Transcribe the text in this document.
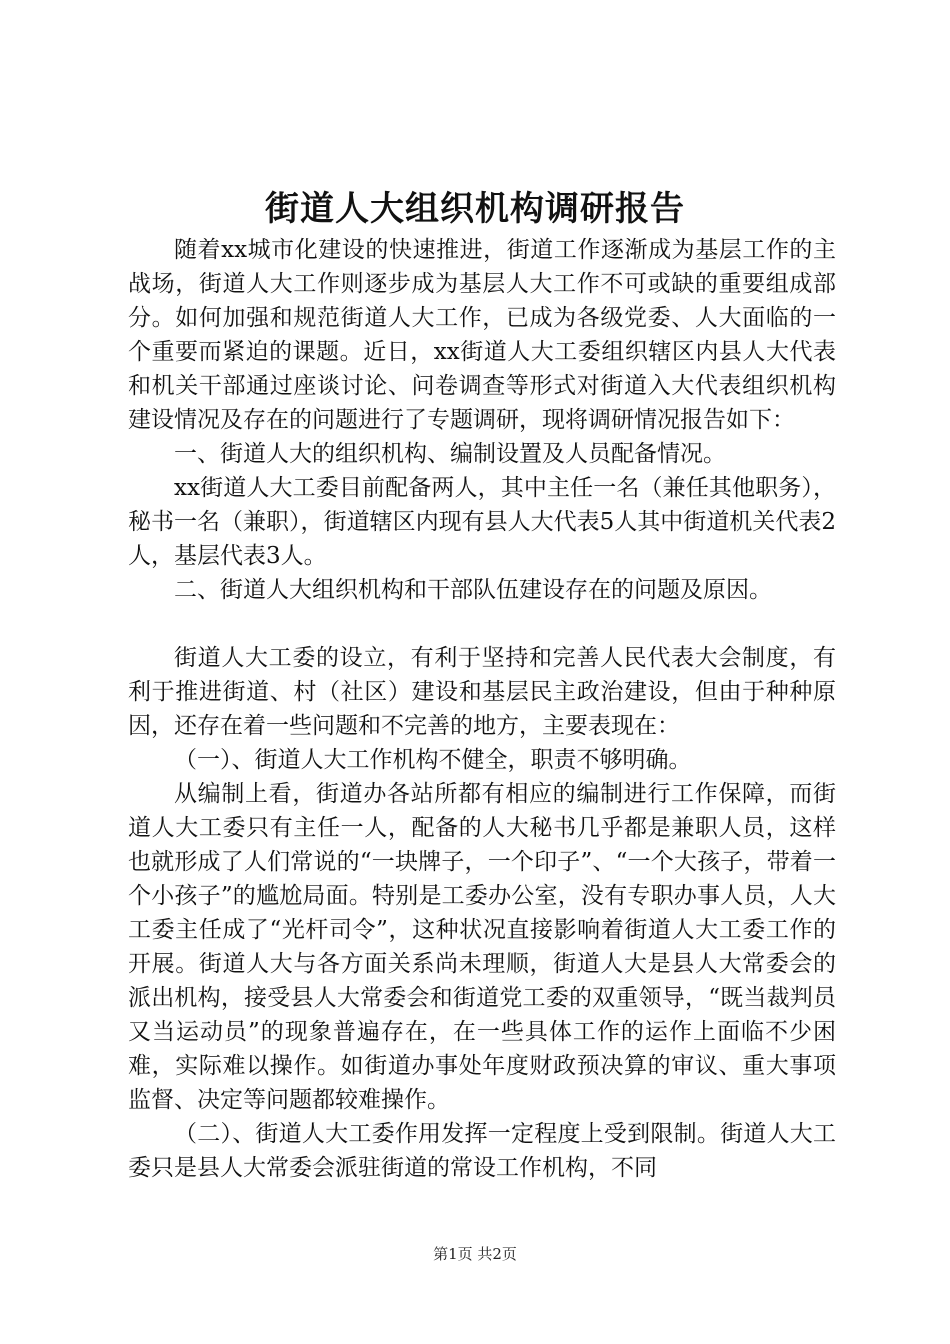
街道人大组织机构调研报告

随着xx城市化建设的快速推进，街道工作逐渐成为基层工作的主战场，街道人大工作则逐步成为基层人大工作不可或缺的重要组成部分。如何加强和规范街道人大工作，已成为各级党委、人大面临的一个重要而紧迫的课题。近日，xx街道人大工委组织辖区内县人大代表和机关干部通过座谈讨论、问卷调查等形式对街道入大代表组织机构建设情况及存在的问题进行了专题调研，现将调研情况报告如下：

一、街道人大的组织机构、编制设置及人员配备情况。

xx街道人大工委目前配备两人，其中主任一名（兼任其他职务），秘书一名（兼职），街道辖区内现有县人大代表5人其中街道机关代表2人，基层代表3人。

二、街道人大组织机构和干部队伍建设存在的问题及原因。

街道人大工委的设立，有利于坚持和完善人民代表大会制度，有利于推进街道、村（社区）建设和基层民主政治建设，但由于种种原因，还存在着一些问题和不完善的地方，主要表现在：

（一）、街道人大工作机构不健全，职责不够明确。

从编制上看，街道办各站所都有相应的编制进行工作保障，而街道人大工委只有主任一人，配备的人大秘书几乎都是兼职人员，这样也就形成了人们常说的“一块牌子，一个印子”、“一个大孩子，带着一个小孩子”的尴尬局面。特别是工委办公室，没有专职办事人员，人大工委主任成了“光杆司令”，这种状况直接影响着街道人大工委工作的开展。街道人大与各方面关系尚未理顺，街道人大是县人大常委会的派出机构，接受县人大常委会和街道党工委的双重领导，“既当裁判员又当运动员”的现象普遍存在，在一些具体工作的运作上面临不少困难，实际难以操作。如街道办事处年度财政预决算的审议、重大事项监督、决定等问题都较难操作。

（二）、街道人大工委作用发挥一定程度上受到限制。街道人大工委只是县人大常委会派驻街道的常设工作机构，不同

第1页 共2页
